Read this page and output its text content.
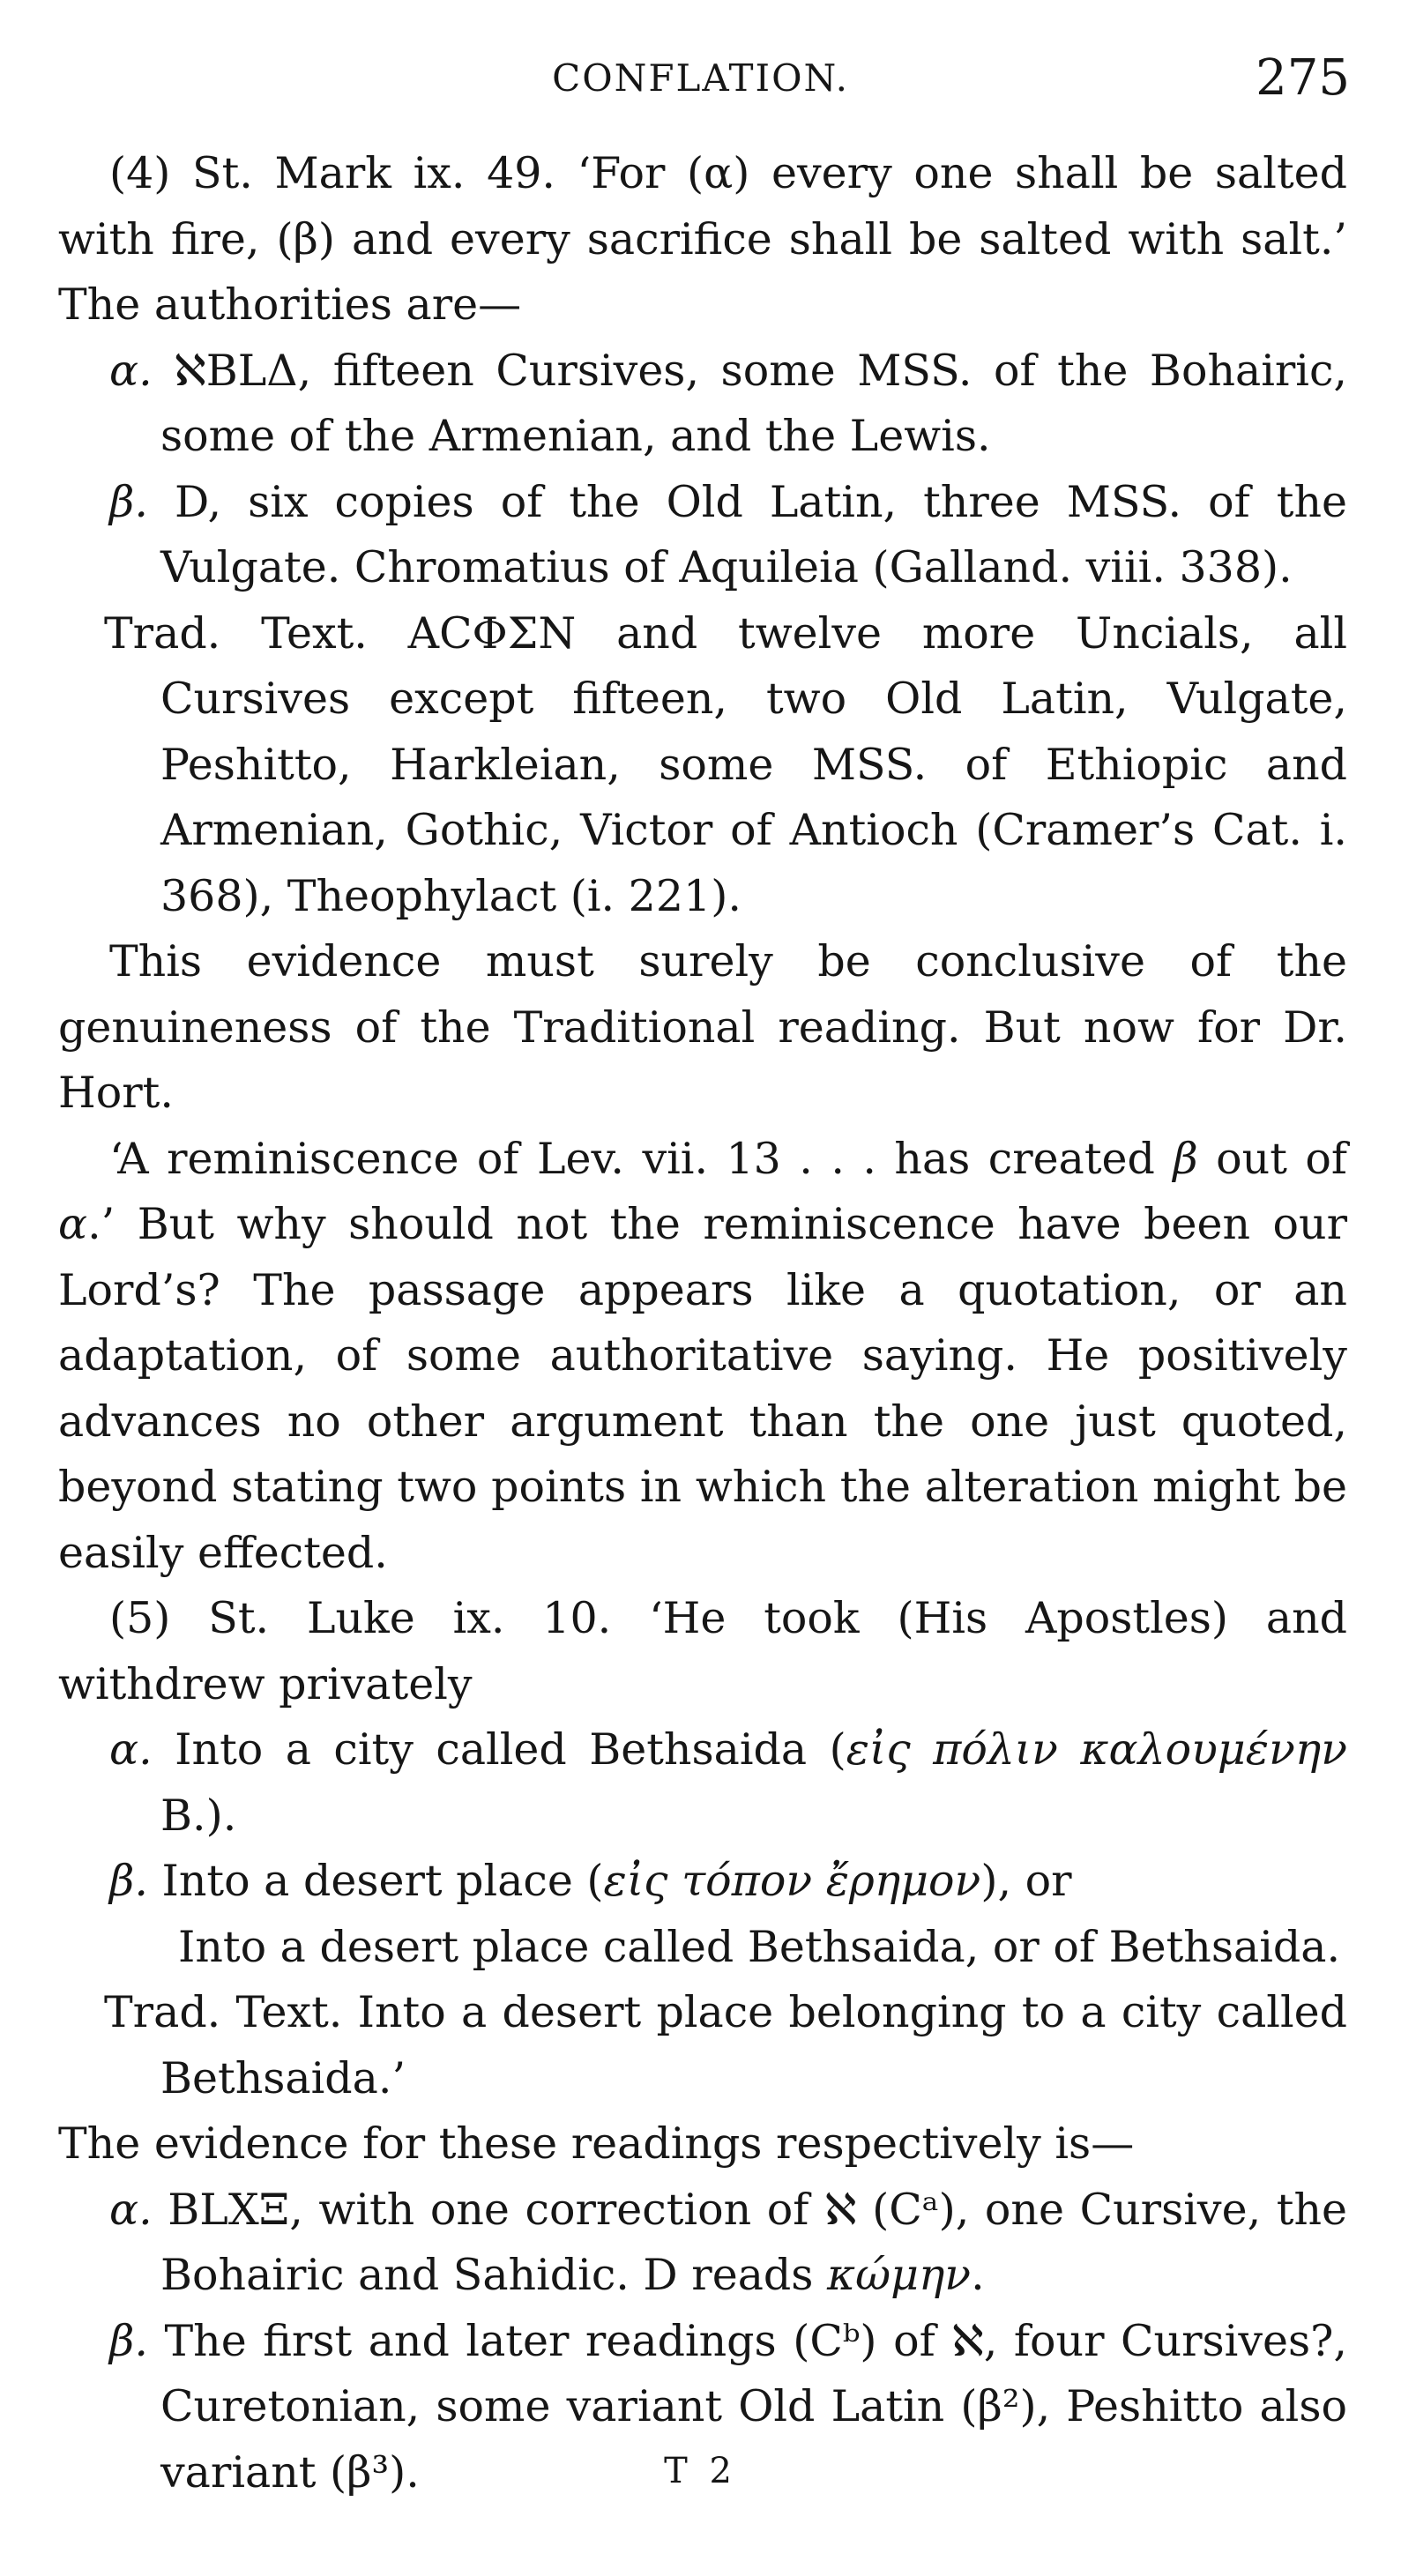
CONFLATION.	275

(4) St. Mark ix. 49. ‘For (α) every one shall be salted with fire, (β) and every sacrifice shall be salted with salt.’ The authorities are—

α. ℵBLΔ, fifteen Cursives, some MSS. of the Bohairic, some of the Armenian, and the Lewis.

β. D, six copies of the Old Latin, three MSS. of the Vulgate. Chromatius of Aquileia (Galland. viii. 338).

Trad. Text. ACΦΣN and twelve more Uncials, all Cursives except fifteen, two Old Latin, Vulgate, Peshitto, Harkleian, some MSS. of Ethiopic and Armenian, Gothic, Victor of Antioch (Cramer’s Cat. i. 368), Theophylact (i. 221).

This evidence must surely be conclusive of the genuineness of the Traditional reading. But now for Dr. Hort.

‘A reminiscence of Lev. vii. 13 . . . has created β out of α.’ But why should not the reminiscence have been our Lord’s? The passage appears like a quotation, or an adaptation, of some authoritative saying. He positively advances no other argument than the one just quoted, beyond stating two points in which the alteration might be easily effected.

(5) St. Luke ix. 10. ‘He took (His Apostles) and withdrew privately

α. Into a city called Bethsaida (εἰς πόλιν καλουμένην B.).

β. Into a desert place (εἰς τόπον ἔρημον), or

Into a desert place called Bethsaida, or of Bethsaida.

Trad. Text. Into a desert place belonging to a city called Bethsaida.’

The evidence for these readings respectively is—

α. BLXΞ, with one correction of ℵ (Cᵃ), one Cursive, the Bohairic and Sahidic. D reads κώμην.

β. The first and later readings (Cᵇ) of ℵ, four Cursives?, Curetonian, some variant Old Latin (β²), Peshitto also variant (β³).	T 2
